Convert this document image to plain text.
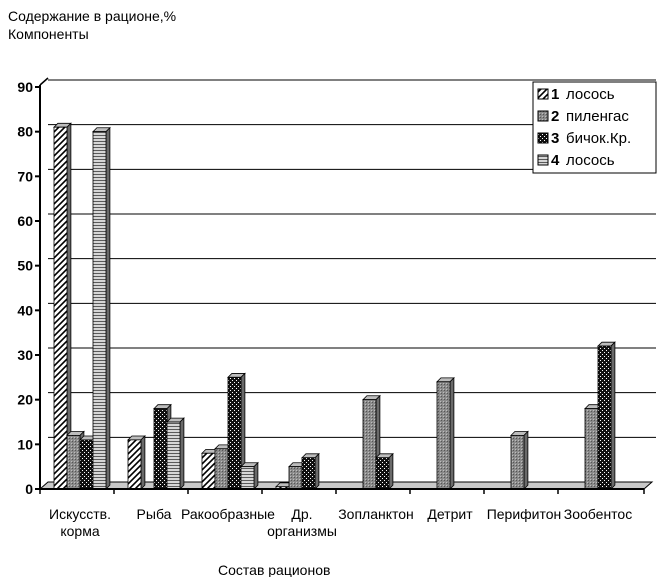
Содержание в рационе,%
Компоненты
0
10
20
30
40
50
60
70
80
90
Искусств.
корма
Рыба Ракообразные Др.
организмы
Зопланктон Детрит Перифитон Зообентос
1 лосось
2 пиленгас
3 бичок.Кр.
4 лосось
Состав рационов
